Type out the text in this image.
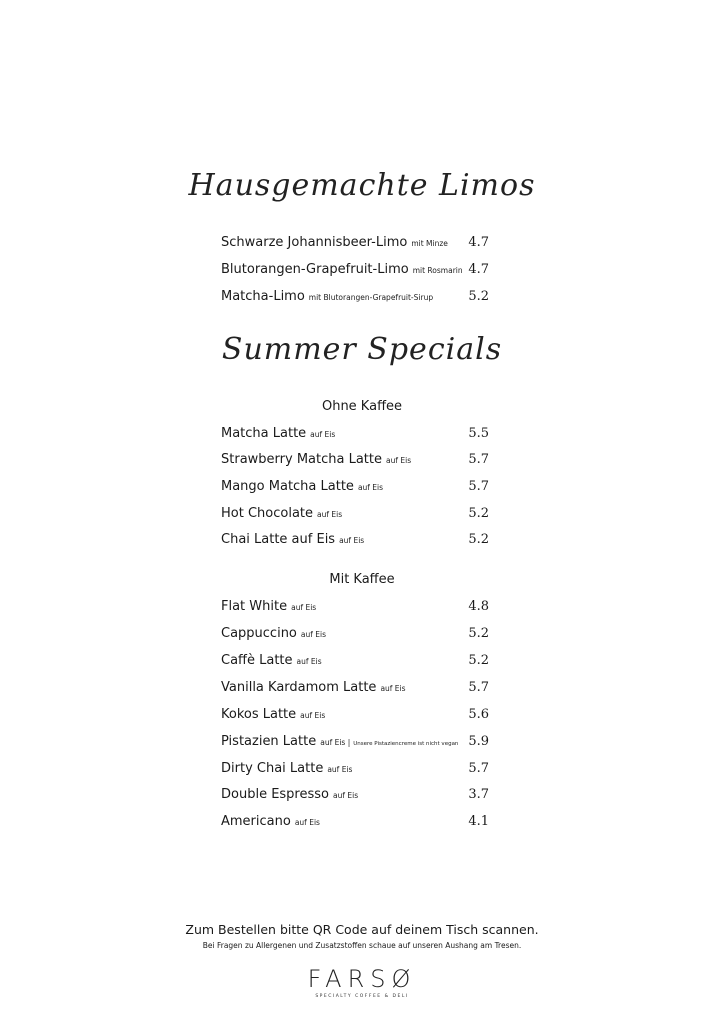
Hausgemachte Limos
Summer Specials
Ohne Kaffee
Mit Kaffee
Schwarze Johannisbeer-Limo mit Minze 4.7
Blutorangen-Grapefruit-Limo mit Rosmarin 4.7
Matcha-Limo mit Blutorangen-Grapefruit-Sirup	5.2
Matcha Latte auf Eis	5.5
Strawberry Matcha Latte auf Eis	5.7
Mango Matcha Latte auf Eis	5.7
Hot Chocolate auf Eis	5.2
Chai Latte auf Eis auf Eis	5.2
Flat White auf Eis	4.8
Cappuccino auf Eis	5.2
Caffè Latte auf Eis	5.2
Vanilla Kardamom Latte auf Eis	5.7
Kokos Latte auf Eis	5.6
Pistazien Latte auf Eis | Unsere Pistaziencreme ist nicht vegan 5.9
Dirty Chai Latte auf Eis	5.7
Double Espresso auf Eis	3.7
Americano auf Eis	4.1
Zum Bestellen bitte QR Code auf deinem Tisch scannen.
Bei Fragen zu Allergenen und Zusatzstoffen schaue auf unseren Aushang am Tresen.
FARSØ
SPECIALTY COFFEE & DELI
